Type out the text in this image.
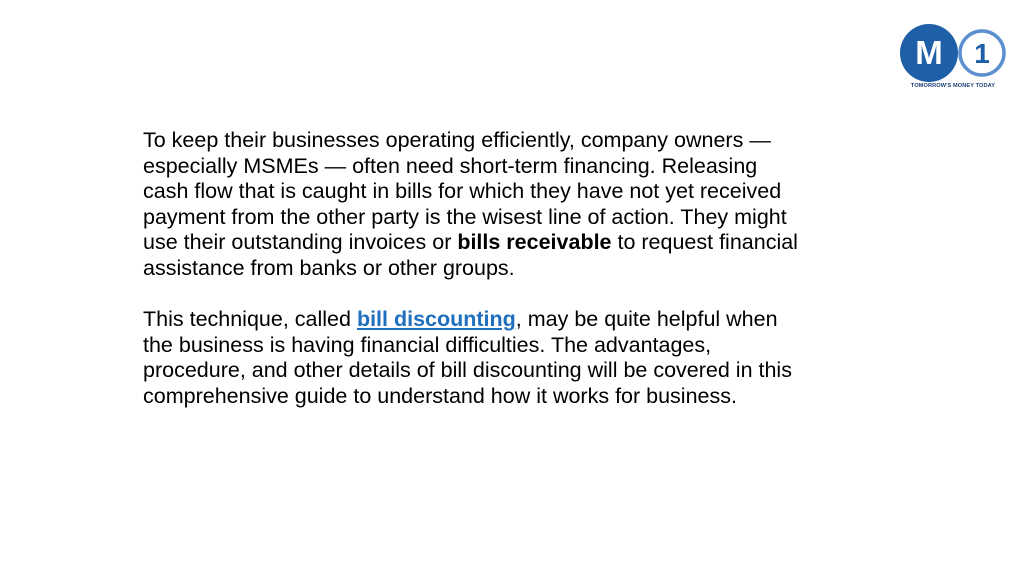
M 1
TOMORROW'S MONEY TODAY

To keep their businesses operating efficiently, company owners — especially MSMEs — often need short-term financing. Releasing cash flow that is caught in bills for which they have not yet received payment from the other party is the wisest line of action. They might use their outstanding invoices or bills receivable to request financial assistance from banks or other groups.

This technique, called bill discounting, may be quite helpful when the business is having financial difficulties. The advantages, procedure, and other details of bill discounting will be covered in this comprehensive guide to understand how it works for business.
